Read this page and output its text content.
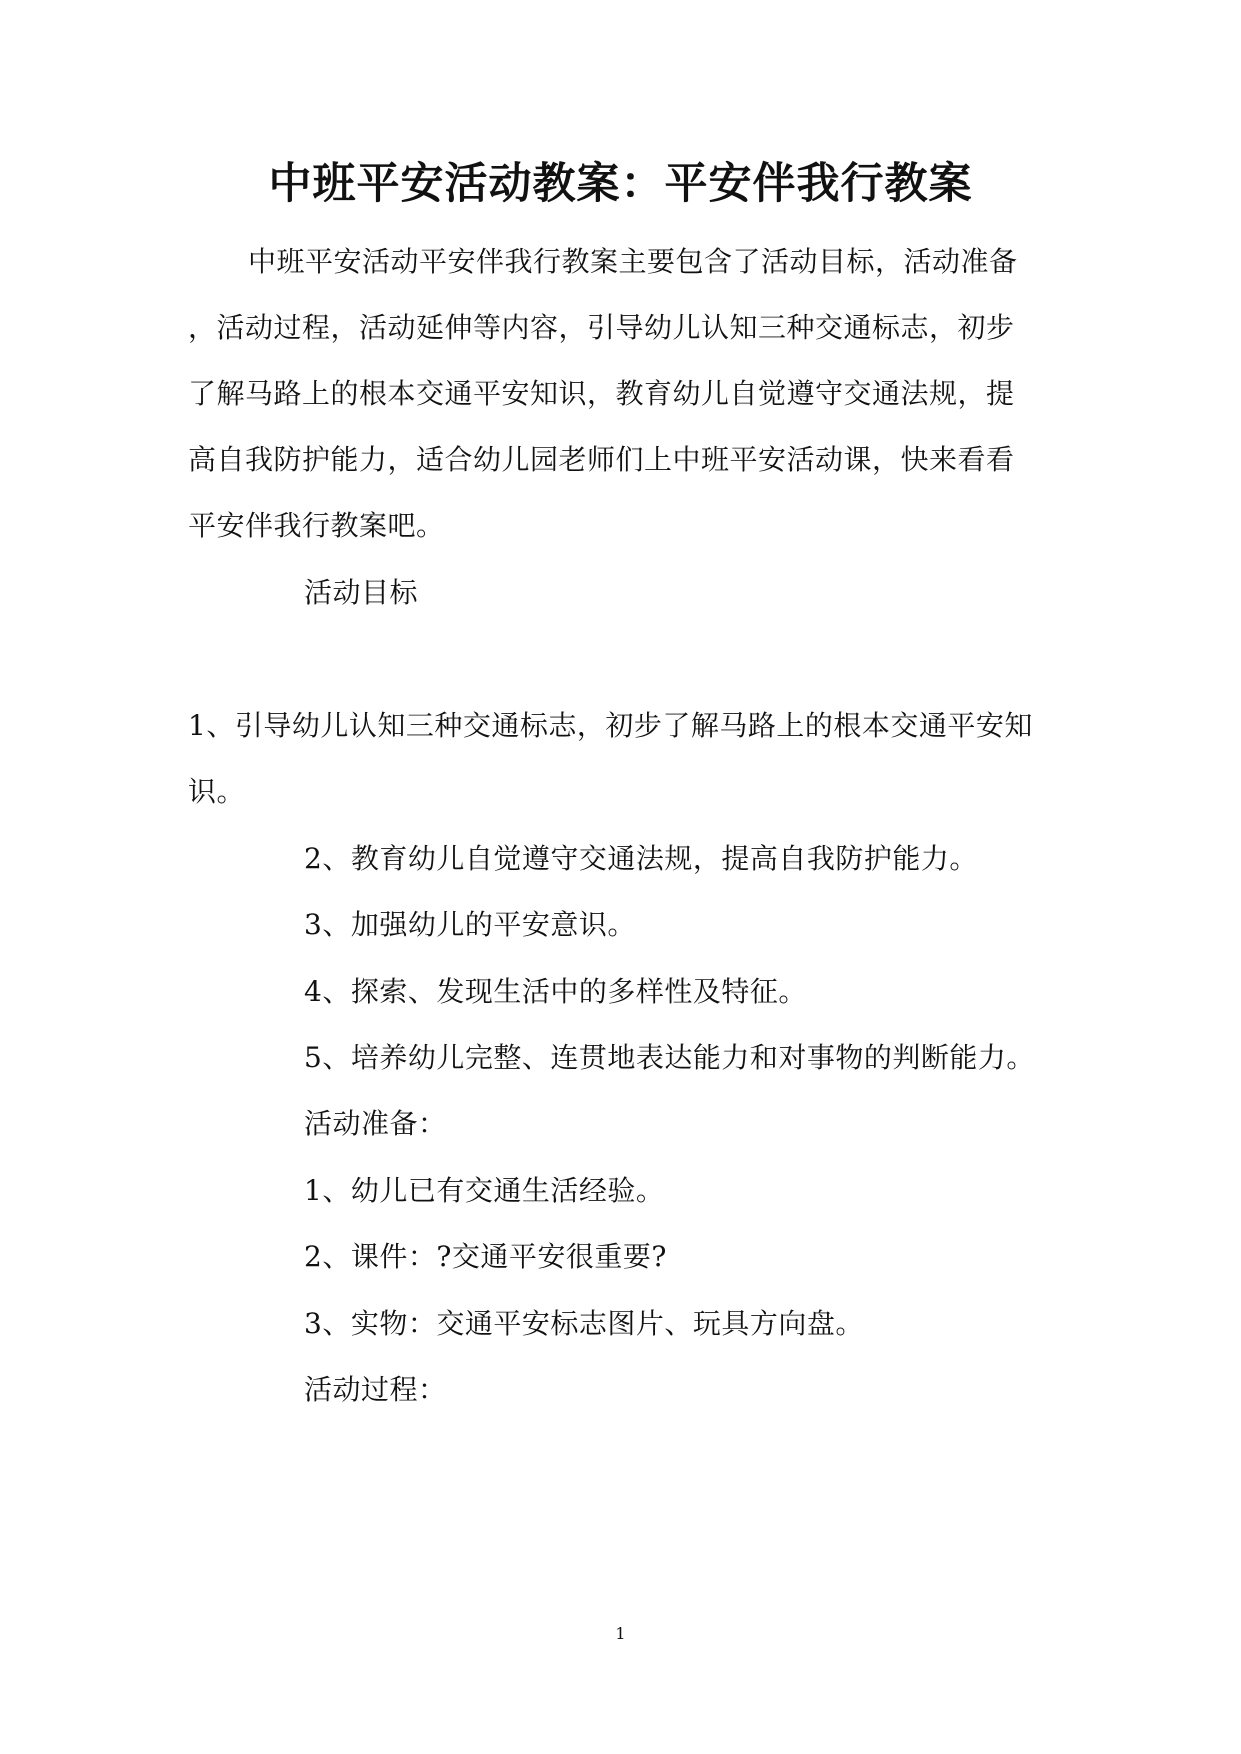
中班平安活动教案：平安伴我行教案
中班平安活动平安伴我行教案主要包含了活动目标，活动准备
，活动过程，活动延伸等内容，引导幼儿认知三种交通标志，初步
了解马路上的根本交通平安知识，教育幼儿自觉遵守交通法规，提
高自我防护能力，适合幼儿园老师们上中班平安活动课，快来看看
平安伴我行教案吧。
活动目标
1、引导幼儿认知三种交通标志，初步了解马路上的根本交通平安知
识。
2、教育幼儿自觉遵守交通法规，提高自我防护能力。
3、加强幼儿的平安意识。
4、探索、发现生活中的多样性及特征。
5、培养幼儿完整、连贯地表达能力和对事物的判断能力。
活动准备：
1、幼儿已有交通生活经验。
2、课件：?交通平安很重要?
3、实物：交通平安标志图片、玩具方向盘。
活动过程：
1
